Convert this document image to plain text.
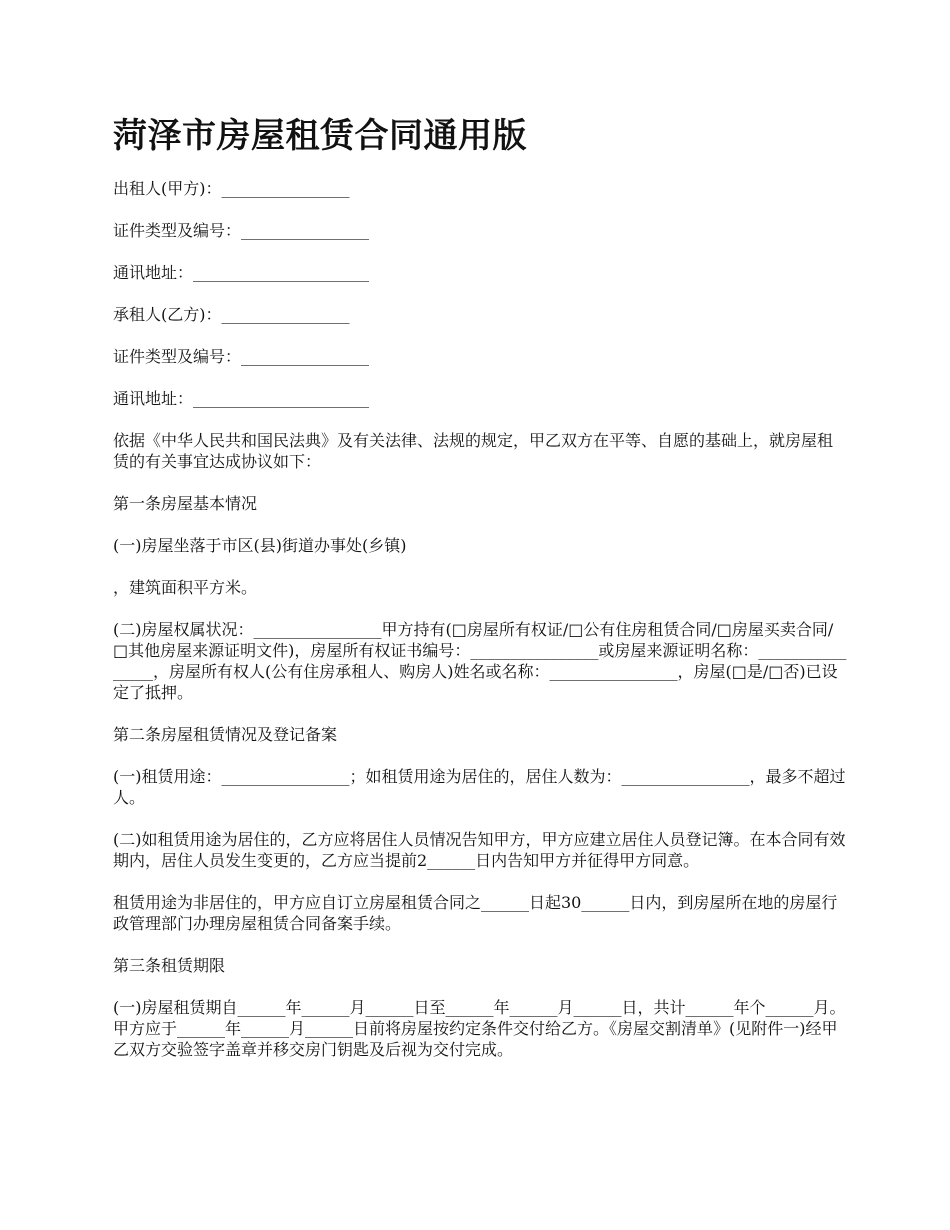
菏泽市房屋租赁合同通用版
出租人(甲方)：________________
证件类型及编号：________________
通讯地址：______________________
承租人(乙方)：________________
证件类型及编号：________________
通讯地址：______________________
依据《中华人民共和国民法典》及有关法律、法规的规定，甲乙双方在平等、自愿的基础上，就房屋租赁的有关事宜达成协议如下：
第一条房屋基本情况
(一)房屋坐落于市区(县)街道办事处(乡镇)
，建筑面积平方米。
(二)房屋权属状况：________________甲方持有(□房屋所有权证/□公有住房租赁合同/□房屋买卖合同/□其他房屋来源证明文件)，房屋所有权证书编号：________________或房屋来源证明名称：________________，房屋所有权人(公有住房承租人、购房人)姓名或名称：________________，房屋(□是/□否)已设定了抵押。
第二条房屋租赁情况及登记备案
(一)租赁用途：________________；如租赁用途为居住的，居住人数为：________________，最多不超过人。
(二)如租赁用途为居住的，乙方应将居住人员情况告知甲方，甲方应建立居住人员登记簿。在本合同有效期内，居住人员发生变更的，乙方应当提前2______日内告知甲方并征得甲方同意。
租赁用途为非居住的，甲方应自订立房屋租赁合同之______日起30______日内，到房屋所在地的房屋行政管理部门办理房屋租赁合同备案手续。
第三条租赁期限
(一)房屋租赁期自______年______月______日至______年______月______日，共计______年个______月。甲方应于______年______月______日前将房屋按约定条件交付给乙方。《房屋交割清单》(见附件一)经甲乙双方交验签字盖章并移交房门钥匙及后视为交付完成。
